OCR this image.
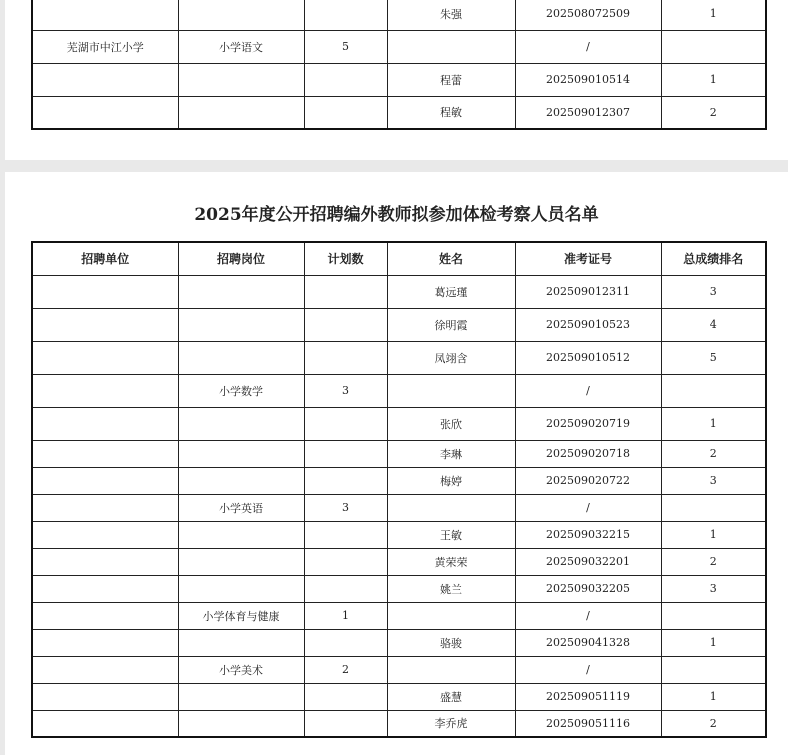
			朱强	202508072509	1
芜湖市中江小学	小学语文	5		/	
			程蕾	202509010514	1
			程敏	202509012307	2
2025年度公开招聘编外教师拟参加体检考察人员名单
招聘单位	招聘岗位	计划数	姓名	准考证号	总成绩排名
			葛远瑾	202509012311	3
			徐明霞	202509010523	4
			凤翊含	202509010512	5
	小学数学	3		/	
			张欣	202509020719	1
			李琳	202509020718	2
			梅婷	202509020722	3
	小学英语	3		/	
			王敏	202509032215	1
			黄荣荣	202509032201	2
			姚兰	202509032205	3
	小学体育与健康	1		/	
			骆骏	202509041328	1
	小学美术	2		/	
			盛慧	202509051119	1
			李乔虎	202509051116	2
